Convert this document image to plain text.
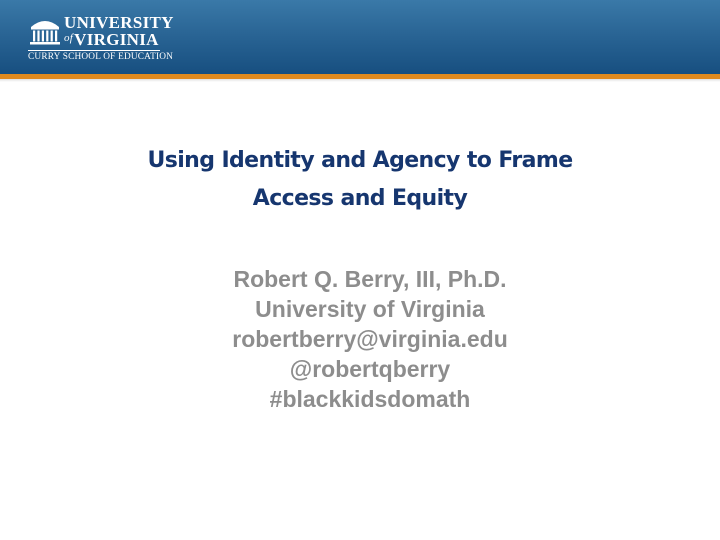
UNIVERSITY
$^{of}$VIRGINIA
CURRY SCHOOL OF EDUCATION
Using Identity and Agency to Frame
Access and Equity
Robert Q. Berry, III, Ph.D.
University of Virginia
robertberry@virginia.edu
@robertqberry
#blackkidsdomath
